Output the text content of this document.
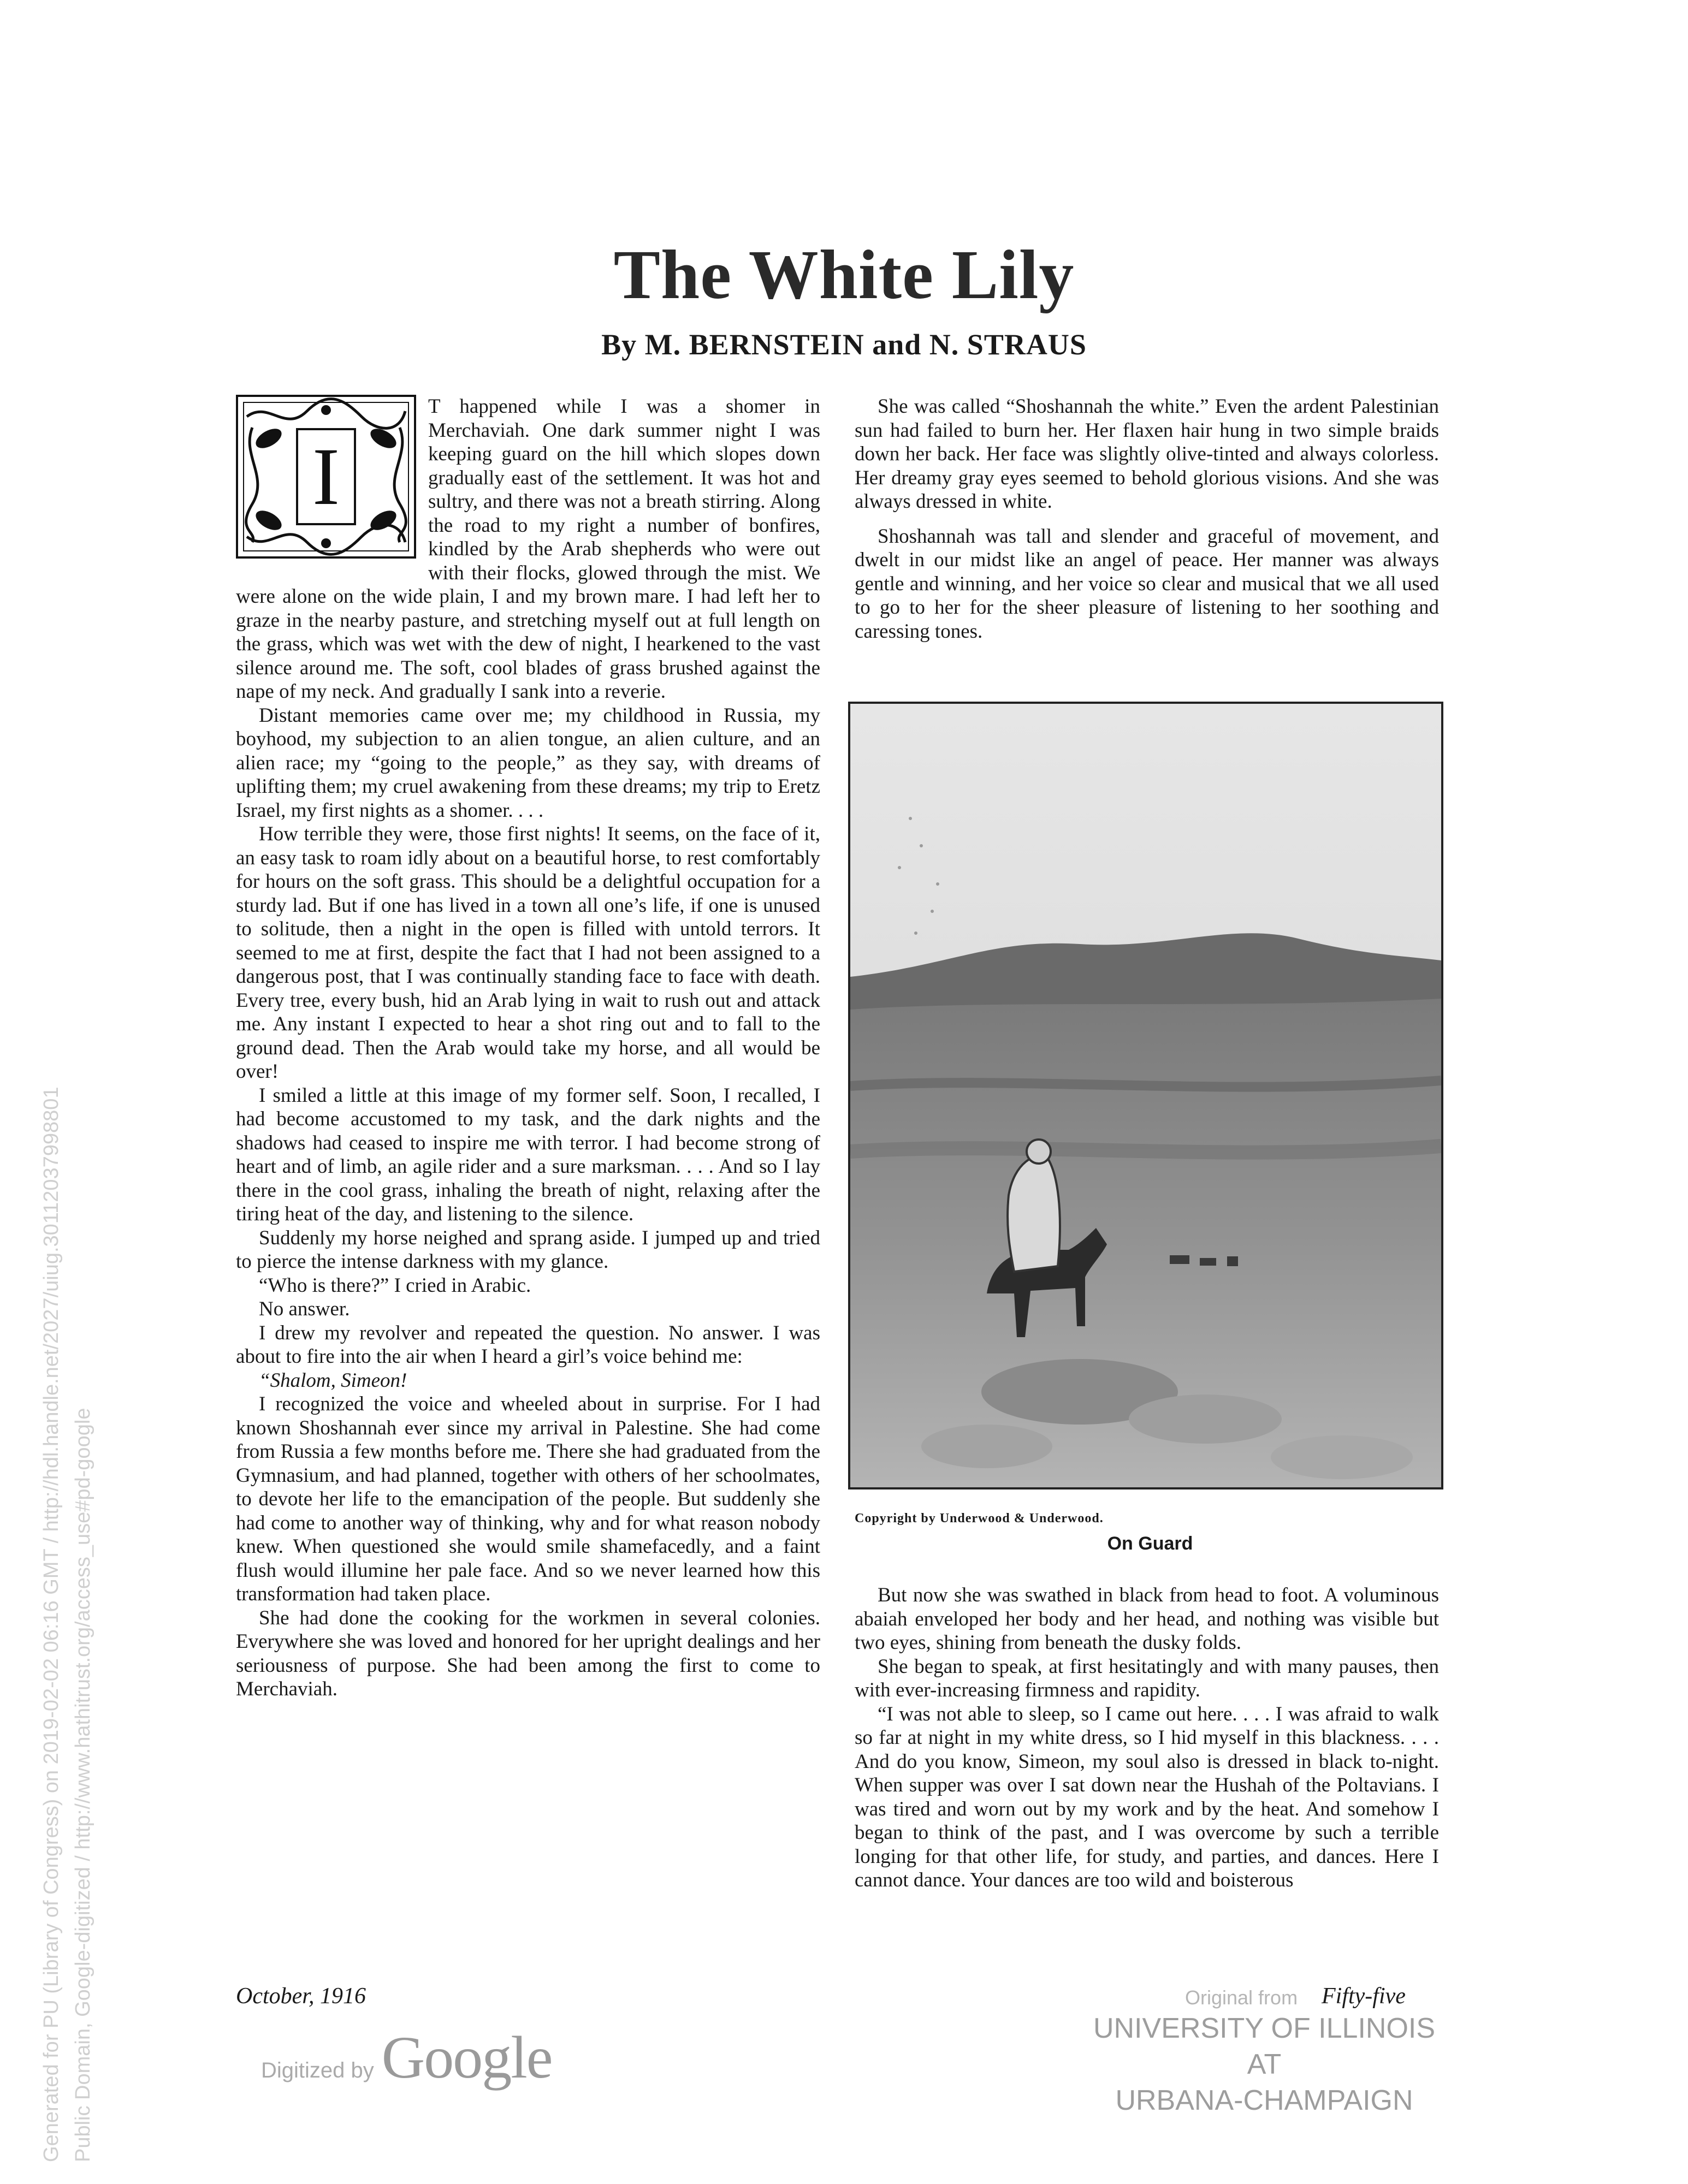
Generated for PU (Library of Congress) on 2019-02-02 06:16 GMT / http://hdl.handle.net/2027/uiug.30112037998801 Public Domain, Google-digitized / http://www.hathitrust.org/access_use#pd-google
The White Lily
By M. BERNSTEIN and N. STRAUS
I

T happened while I was a shomer in Merchaviah. One dark summer night I was keeping guard on the hill which slopes down gradually east of the settlement. It was hot and sultry, and there was not a breath stirring. Along the road to my right a number of bonfires, kindled by the Arab shepherds who were out with their flocks, glowed through the mist. We were alone on the wide plain, I and my brown mare. I had left her to graze in the nearby pasture, and stretching myself out at full length on the grass, which was wet with the dew of night, I hearkened to the vast silence around me. The soft, cool blades of grass brushed against the nape of my neck. And gradually I sank into a reverie.

Distant memories came over me; my childhood in Russia, my boyhood, my subjection to an alien tongue, an alien culture, and an alien race; my “going to the people,” as they say, with dreams of uplifting them; my cruel awakening from these dreams; my trip to Eretz Israel, my first nights as a shomer. . . .

How terrible they were, those first nights! It seems, on the face of it, an easy task to roam idly about on a beautiful horse, to rest comfortably for hours on the soft grass. This should be a delightful occupation for a sturdy lad. But if one has lived in a town all one’s life, if one is unused to solitude, then a night in the open is filled with untold terrors. It seemed to me at first, despite the fact that I had not been assigned to a dangerous post, that I was continually standing face to face with death. Every tree, every bush, hid an Arab lying in wait to rush out and attack me. Any instant I expected to hear a shot ring out and to fall to the ground dead. Then the Arab would take my horse, and all would be over!

I smiled a little at this image of my former self. Soon, I recalled, I had become accustomed to my task, and the dark nights and the shadows had ceased to inspire me with terror. I had become strong of heart and of limb, an agile rider and a sure marksman. . . . And so I lay there in the cool grass, inhaling the breath of night, relaxing after the tiring heat of the day, and listening to the silence.

Suddenly my horse neighed and sprang aside. I jumped up and tried to pierce the intense darkness with my glance.

“Who is there?” I cried in Arabic.

No answer.

I drew my revolver and repeated the question. No answer. I was about to fire into the air when I heard a girl’s voice behind me:

“Shalom, Simeon!

I recognized the voice and wheeled about in surprise. For I had known Shoshannah ever since my arrival in Palestine. She had come from Russia a few months before me. There she had graduated from the Gymnasium, and had planned, together with others of her schoolmates, to devote her life to the emancipation of the people. But suddenly she had come to another way of thinking, why and for what reason nobody knew. When questioned she would smile shamefacedly, and a faint flush would illumine her pale face. And so we never learned how this transformation had taken place.

She had done the cooking for the workmen in several colonies. Everywhere she was loved and honored for her upright dealings and her seriousness of purpose. She had been among the first to come to Merchaviah.

She was called “Shoshannah the white.” Even the ardent Palestinian sun had failed to burn her. Her flaxen hair hung in two simple braids down her back. Her face was slightly olive-tinted and always colorless. Her dreamy gray eyes seemed to behold glorious visions. And she was always dressed in white.

Shoshannah was tall and slender and graceful of movement, and dwelt in our midst like an angel of peace. Her manner was always gentle and winning, and her voice so clear and musical that we all used to go to her for the sheer pleasure of listening to her soothing and caressing tones.

Copyright by Underwood & Underwood.
On Guard

But now she was swathed in black from head to foot. A voluminous abaiah enveloped her body and her head, and nothing was visible but two eyes, shining from beneath the dusky folds.

She began to speak, at first hesitatingly and with many pauses, then with ever-increasing firmness and rapidity.

“I was not able to sleep, so I came out here. . . . I was afraid to walk so far at night in my white dress, so I hid myself in this blackness. . . . And do you know, Simeon, my soul also is dressed in black to-night. When supper was over I sat down near the Hushah of the Poltavians. I was tired and worn out by my work and by the heat. And somehow I began to think of the past, and I was overcome by such a terrible longing for that other life, for study, and parties, and dances. Here I cannot dance. Your dances are too wild and boisterous

October, 1916	Original from Fifty-five
Digitized by Google	UNIVERSITY OF ILLINOIS AT
URBANA-CHAMPAIGN
